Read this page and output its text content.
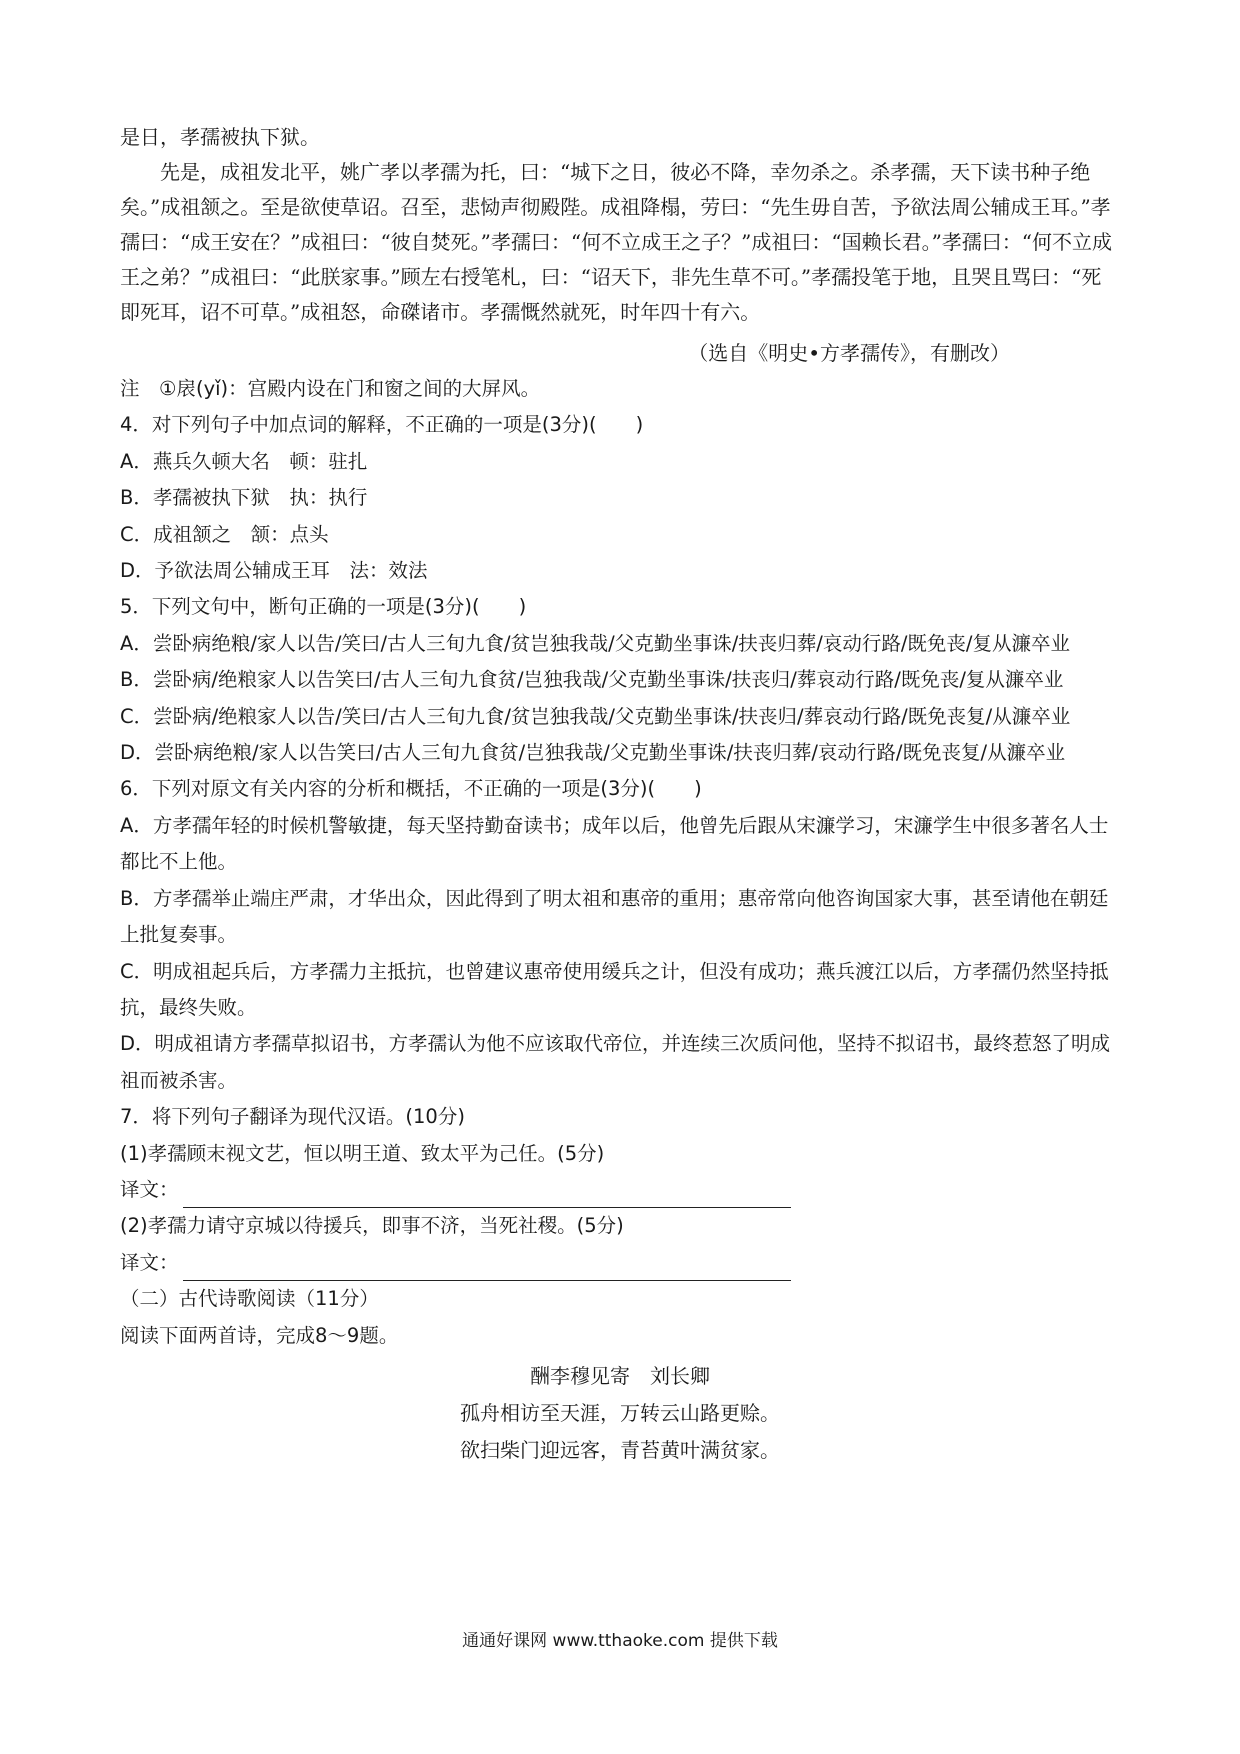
是日，孝孺被执下狱。

先是，成祖发北平，姚广孝以孝孺为托，曰：“城下之日，彼必不降，幸勿杀之。杀孝孺，天下读书种子绝矣。”成祖颔之。至是欲使草诏。召至，悲恸声彻殿陛。成祖降榻，劳曰：“先生毋自苦，予欲法周公辅成王耳。”孝孺曰：“成王安在？”成祖曰：“彼自焚死。”孝孺曰：“何不立成王之子？”成祖曰：“国赖长君。”孝孺曰：“何不立成王之弟？”成祖曰：“此朕家事。”顾左右授笔札，曰：“诏天下，非先生草不可。”孝孺投笔于地，且哭且骂曰：“死即死耳，诏不可草。”成祖怒，命磔诸市。孝孺慨然就死，时年四十有六。

（选自《明史•方孝孺传》，有删改）

注　①扆(yǐ)：宫殿内设在门和窗之间的大屏风。

4．对下列句子中加点词的解释，不正确的一项是(3分)(　　)

A．燕兵久顿大名　顿：驻扎

B．孝孺被执下狱　执：执行

C．成祖颔之　颔：点头

D．予欲法周公辅成王耳　法：效法

5．下列文句中，断句正确的一项是(3分)(　　)

A．尝卧病绝粮/家人以告/笑曰/古人三旬九食/贫岂独我哉/父克勤坐事诛/扶丧归葬/哀动行路/既免丧/复从濂卒业

B．尝卧病/绝粮家人以告笑曰/古人三旬九食贫/岂独我哉/父克勤坐事诛/扶丧归/葬哀动行路/既免丧/复从濂卒业

C．尝卧病/绝粮家人以告/笑曰/古人三旬九食/贫岂独我哉/父克勤坐事诛/扶丧归/葬哀动行路/既免丧复/从濂卒业

D．尝卧病绝粮/家人以告笑曰/古人三旬九食贫/岂独我哉/父克勤坐事诛/扶丧归葬/哀动行路/既免丧复/从濂卒业

6．下列对原文有关内容的分析和概括，不正确的一项是(3分)(　　)

A．方孝孺年轻的时候机警敏捷，每天坚持勤奋读书；成年以后，他曾先后跟从宋濂学习，宋濂学生中很多著名人士都比不上他。

B．方孝孺举止端庄严肃，才华出众，因此得到了明太祖和惠帝的重用；惠帝常向他咨询国家大事，甚至请他在朝廷上批复奏事。

C．明成祖起兵后，方孝孺力主抵抗，也曾建议惠帝使用缓兵之计，但没有成功；燕兵渡江以后，方孝孺仍然坚持抵抗，最终失败。

D．明成祖请方孝孺草拟诏书，方孝孺认为他不应该取代帝位，并连续三次质问他，坚持不拟诏书，最终惹怒了明成祖而被杀害。

7．将下列句子翻译为现代汉语。(10分)

(1)孝孺顾末视文艺，恒以明王道、致太平为己任。(5分)

译文：

(2)孝孺力请守京城以待援兵，即事不济，当死社稷。(5分)

译文：

（二）古代诗歌阅读（11分）

阅读下面两首诗，完成8～9题。

酬李穆见寄　刘长卿

孤舟相访至天涯，万转云山路更赊。

欲扫柴门迎远客，青苔黄叶满贫家。

通通好课网 www.tthaoke.com 提供下载
